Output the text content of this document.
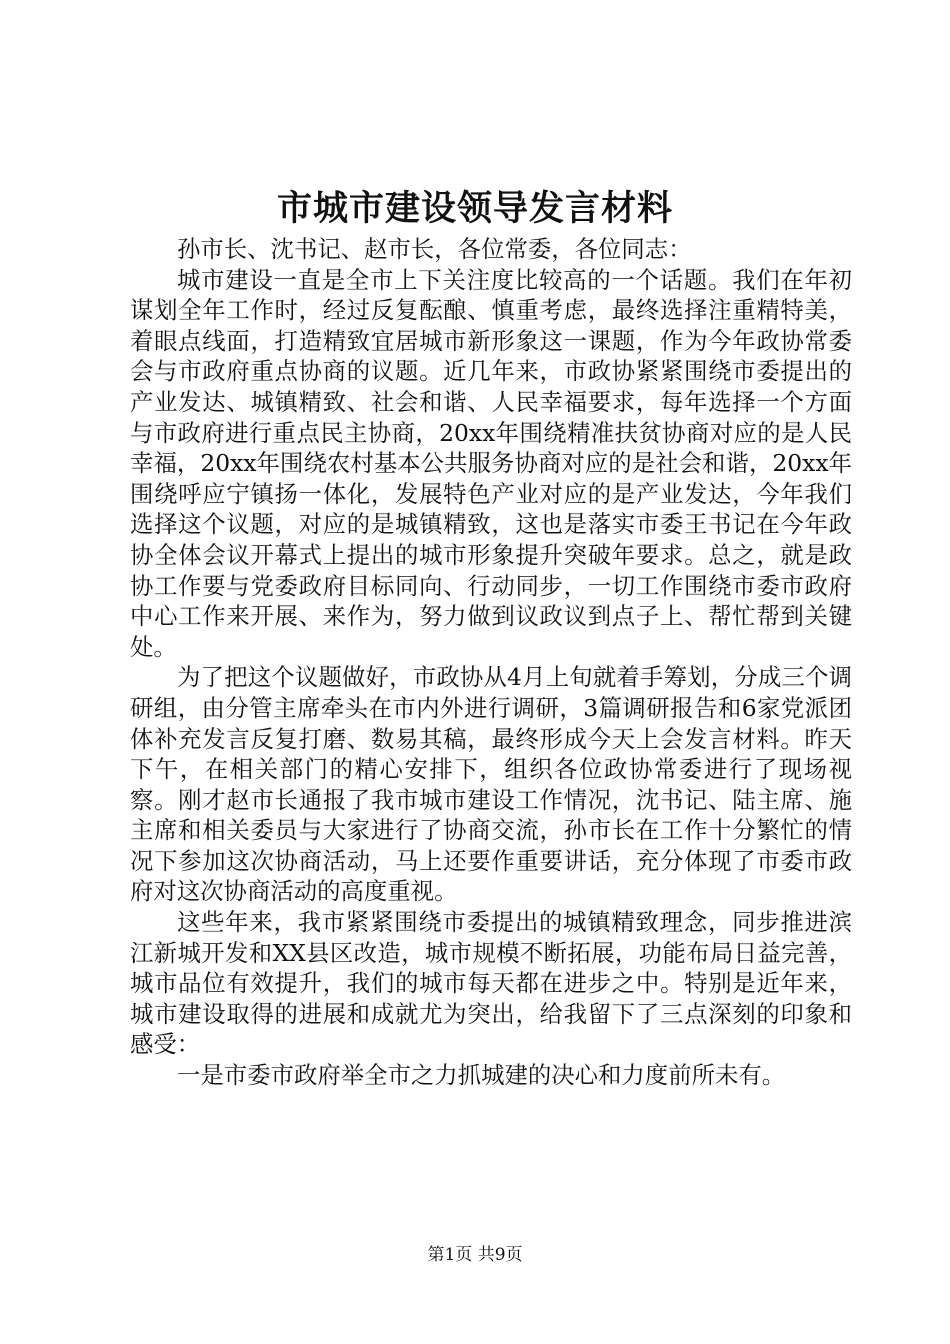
市城市建设领导发言材料

孙市长、沈书记、赵市长，各位常委，各位同志：

城市建设一直是全市上下关注度比较高的一个话题。我们在年初谋划全年工作时，经过反复酝酿、慎重考虑，最终选择注重精特美，着眼点线面，打造精致宜居城市新形象这一课题，作为今年政协常委会与市政府重点协商的议题。近几年来，市政协紧紧围绕市委提出的产业发达、城镇精致、社会和谐、人民幸福要求，每年选择一个方面与市政府进行重点民主协商，20xx年围绕精准扶贫协商对应的是人民幸福，20xx年围绕农村基本公共服务协商对应的是社会和谐，20xx年围绕呼应宁镇扬一体化，发展特色产业对应的是产业发达，今年我们选择这个议题，对应的是城镇精致，这也是落实市委王书记在今年政协全体会议开幕式上提出的城市形象提升突破年要求。总之，就是政协工作要与党委政府目标同向、行动同步，一切工作围绕市委市政府中心工作来开展、来作为，努力做到议政议到点子上、帮忙帮到关键处。

为了把这个议题做好，市政协从4月上旬就着手筹划，分成三个调研组，由分管主席牵头在市内外进行调研，3篇调研报告和6家党派团体补充发言反复打磨、数易其稿，最终形成今天上会发言材料。昨天下午，在相关部门的精心安排下，组织各位政协常委进行了现场视察。刚才赵市长通报了我市城市建设工作情况，沈书记、陆主席、施主席和相关委员与大家进行了协商交流，孙市长在工作十分繁忙的情况下参加这次协商活动，马上还要作重要讲话，充分体现了市委市政府对这次协商活动的高度重视。

这些年来，我市紧紧围绕市委提出的城镇精致理念，同步推进滨江新城开发和XX县区改造，城市规模不断拓展，功能布局日益完善，城市品位有效提升，我们的城市每天都在进步之中。特别是近年来，城市建设取得的进展和成就尤为突出，给我留下了三点深刻的印象和感受：

一是市委市政府举全市之力抓城建的决心和力度前所未有。

第1页 共9页
